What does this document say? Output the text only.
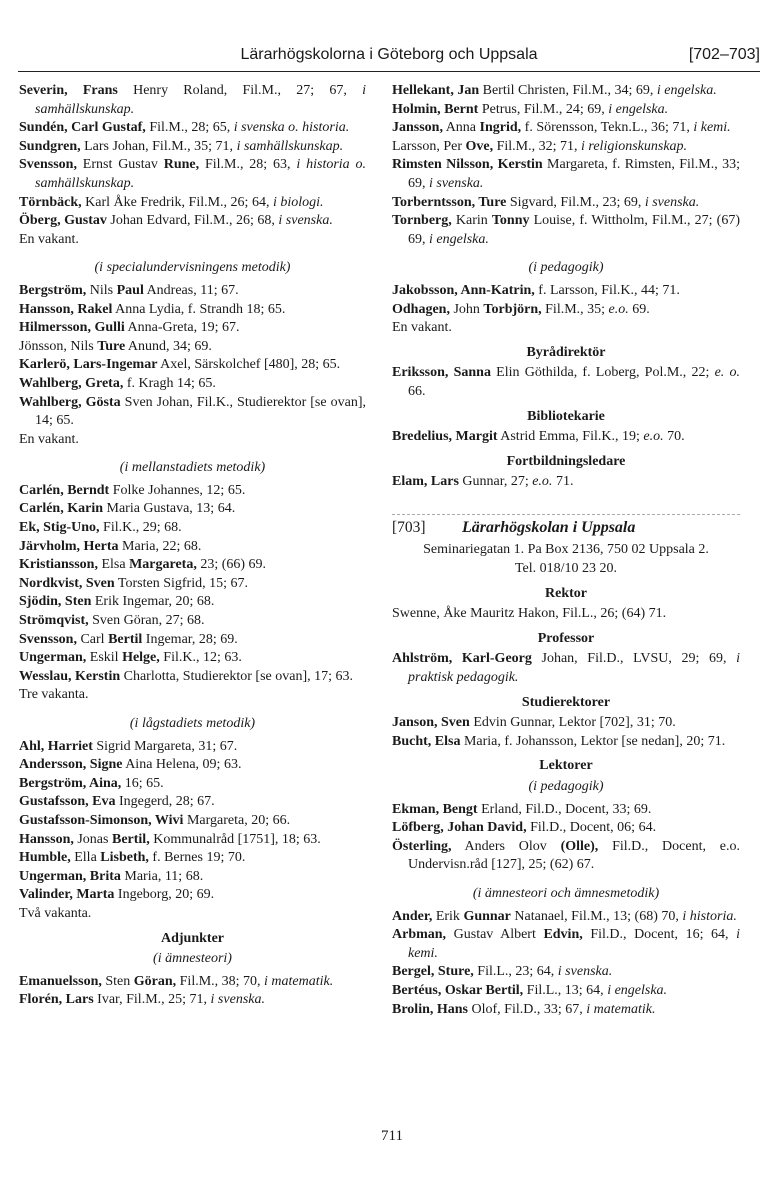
Lärarhögskolorna i Göteborg och Uppsala	[702–703]
Severin, Frans Henry Roland, Fil.M., 27; 67, i samhällskunskap.
Sundén, Carl Gustaf, Fil.M., 28; 65, i svenska o. historia.
Sundgren, Lars Johan, Fil.M., 35; 71, i samhällskunskap.
Svensson, Ernst Gustav Rune, Fil.M., 28; 63, i historia o. samhällskunskap.
Törnbäck, Karl Åke Fredrik, Fil.M., 26; 64, i biologi.
Öberg, Gustav Johan Edvard, Fil.M., 26; 68, i svenska.
En vakant.
(i specialundervisningens metodik)
Bergström, Nils Paul Andreas, 11; 67.
Hansson, Rakel Anna Lydia, f. Strandh 18; 65.
Hilmersson, Gulli Anna-Greta, 19; 67.
Jönsson, Nils Ture Anund, 34; 69.
Karlerö, Lars-Ingemar Axel, Särskolchef [480], 28; 65.
Wahlberg, Greta, f. Kragh 14; 65.
Wahlberg, Gösta Sven Johan, Fil.K., Studierektor [se ovan], 14; 65.
En vakant.
(i mellanstadiets metodik)
Carlén, Berndt Folke Johannes, 12; 65.
Carlén, Karin Maria Gustava, 13; 64.
Ek, Stig-Uno, Fil.K., 29; 68.
Järvholm, Herta Maria, 22; 68.
Kristiansson, Elsa Margareta, 23; (66) 69.
Nordkvist, Sven Torsten Sigfrid, 15; 67.
Sjödin, Sten Erik Ingemar, 20; 68.
Strömqvist, Sven Göran, 27; 68.
Svensson, Carl Bertil Ingemar, 28; 69.
Ungerman, Eskil Helge, Fil.K., 12; 63.
Wesslau, Kerstin Charlotta, Studierektor [se ovan], 17; 63.
Tre vakanta.
(i lågstadiets metodik)
Ahl, Harriet Sigrid Margareta, 31; 67.
Andersson, Signe Aina Helena, 09; 63.
Bergström, Aina, 16; 65.
Gustafsson, Eva Ingegerd, 28; 67.
Gustafsson-Simonson, Wivi Margareta, 20; 66.
Hansson, Jonas Bertil, Kommunalråd [1751], 18; 63.
Humble, Ella Lisbeth, f. Bernes 19; 70.
Ungerman, Brita Maria, 11; 68.
Valinder, Marta Ingeborg, 20; 69.
Två vakanta.
Adjunkter
(i ämnesteori)
Emanuelsson, Sten Göran, Fil.M., 38; 70, i matematik.
Florén, Lars Ivar, Fil.M., 25; 71, i svenska.
Hellekant, Jan Bertil Christen, Fil.M., 34; 69, i engelska.
Holmin, Bernt Petrus, Fil.M., 24; 69, i engelska.
Jansson, Anna Ingrid, f. Sörensson, Tekn.L., 36; 71, i kemi.
Larsson, Per Ove, Fil.M., 32; 71, i religionskunskap.
Rimsten Nilsson, Kerstin Margareta, f. Rimsten, Fil.M., 33; 69, i svenska.
Torberntsson, Ture Sigvard, Fil.M., 23; 69, i svenska.
Tornberg, Karin Tonny Louise, f. Wittholm, Fil.M., 27; (67) 69, i engelska.
(i pedagogik)
Jakobsson, Ann-Katrin, f. Larsson, Fil.K., 44; 71.
Odhagen, John Torbjörn, Fil.M., 35; e.o. 69.
En vakant.
Byrådirektör
Eriksson, Sanna Elin Göthilda, f. Loberg, Pol.M., 22; e. o. 66.
Bibliotekarie
Bredelius, Margit Astrid Emma, Fil.K., 19; e.o. 70.
Fortbildningsledare
Elam, Lars Gunnar, 27; e.o. 71.
[703]	Lärarhögskolan i Uppsala
Seminariegatan 1. Pa Box 2136, 750 02 Uppsala 2.
Tel. 018/10 23 20.
Rektor
Swenne, Åke Mauritz Hakon, Fil.L., 26; (64) 71.
Professor
Ahlström, Karl-Georg Johan, Fil.D., LVSU, 29; 69, i praktisk pedagogik.
Studierektorer
Janson, Sven Edvin Gunnar, Lektor [702], 31; 70.
Bucht, Elsa Maria, f. Johansson, Lektor [se nedan], 20; 71.
Lektorer
(i pedagogik)
Ekman, Bengt Erland, Fil.D., Docent, 33; 69.
Löfberg, Johan David, Fil.D., Docent, 06; 64.
Österling, Anders Olov (Olle), Fil.D., Docent, e.o. Undervisn.råd [127], 25; (62) 67.
(i ämnesteori och ämnesmetodik)
Ander, Erik Gunnar Natanael, Fil.M., 13; (68) 70, i historia.
Arbman, Gustav Albert Edvin, Fil.D., Docent, 16; 64, i kemi.
Bergel, Sture, Fil.L., 23; 64, i svenska.
Bertéus, Oskar Bertil, Fil.L., 13; 64, i engelska.
Brolin, Hans Olof, Fil.D., 33; 67, i matematik.
711
